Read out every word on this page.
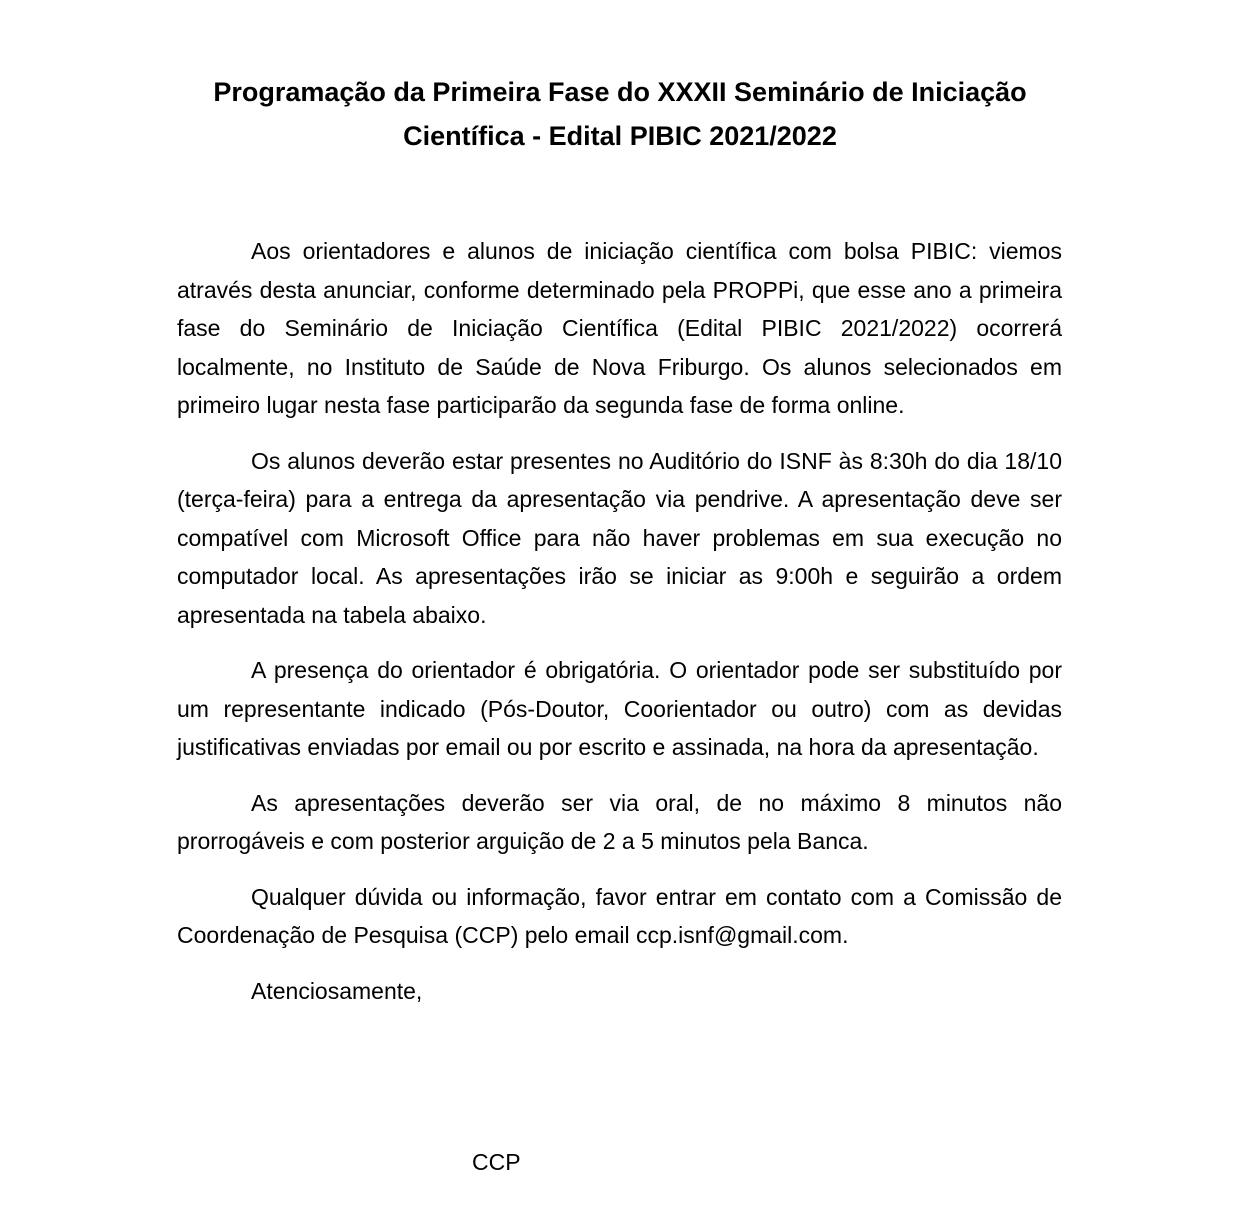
Programação da Primeira Fase do XXXII Seminário de Iniciação Científica - Edital PIBIC 2021/2022

Aos orientadores e alunos de iniciação científica com bolsa PIBIC: viemos através desta anunciar, conforme determinado pela PROPPi, que esse ano a primeira fase do Seminário de Iniciação Científica (Edital PIBIC 2021/2022) ocorrerá localmente, no Instituto de Saúde de Nova Friburgo. Os alunos selecionados em primeiro lugar nesta fase participarão da segunda fase de forma online.

Os alunos deverão estar presentes no Auditório do ISNF às 8:30h do dia 18/10 (terça-feira) para a entrega da apresentação via pendrive. A apresentação deve ser compatível com Microsoft Office para não haver problemas em sua execução no computador local. As apresentações irão se iniciar as 9:00h e seguirão a ordem apresentada na tabela abaixo.

A presença do orientador é obrigatória. O orientador pode ser substituído por um representante indicado (Pós-Doutor, Coorientador ou outro) com as devidas justificativas enviadas por email ou por escrito e assinada, na hora da apresentação.

As apresentações deverão ser via oral, de no máximo 8 minutos não prorrogáveis e com posterior arguição de 2 a 5 minutos pela Banca.

Qualquer dúvida ou informação, favor entrar em contato com a Comissão de Coordenação de Pesquisa (CCP) pelo email ccp.isnf@gmail.com.

Atenciosamente,

CCP
